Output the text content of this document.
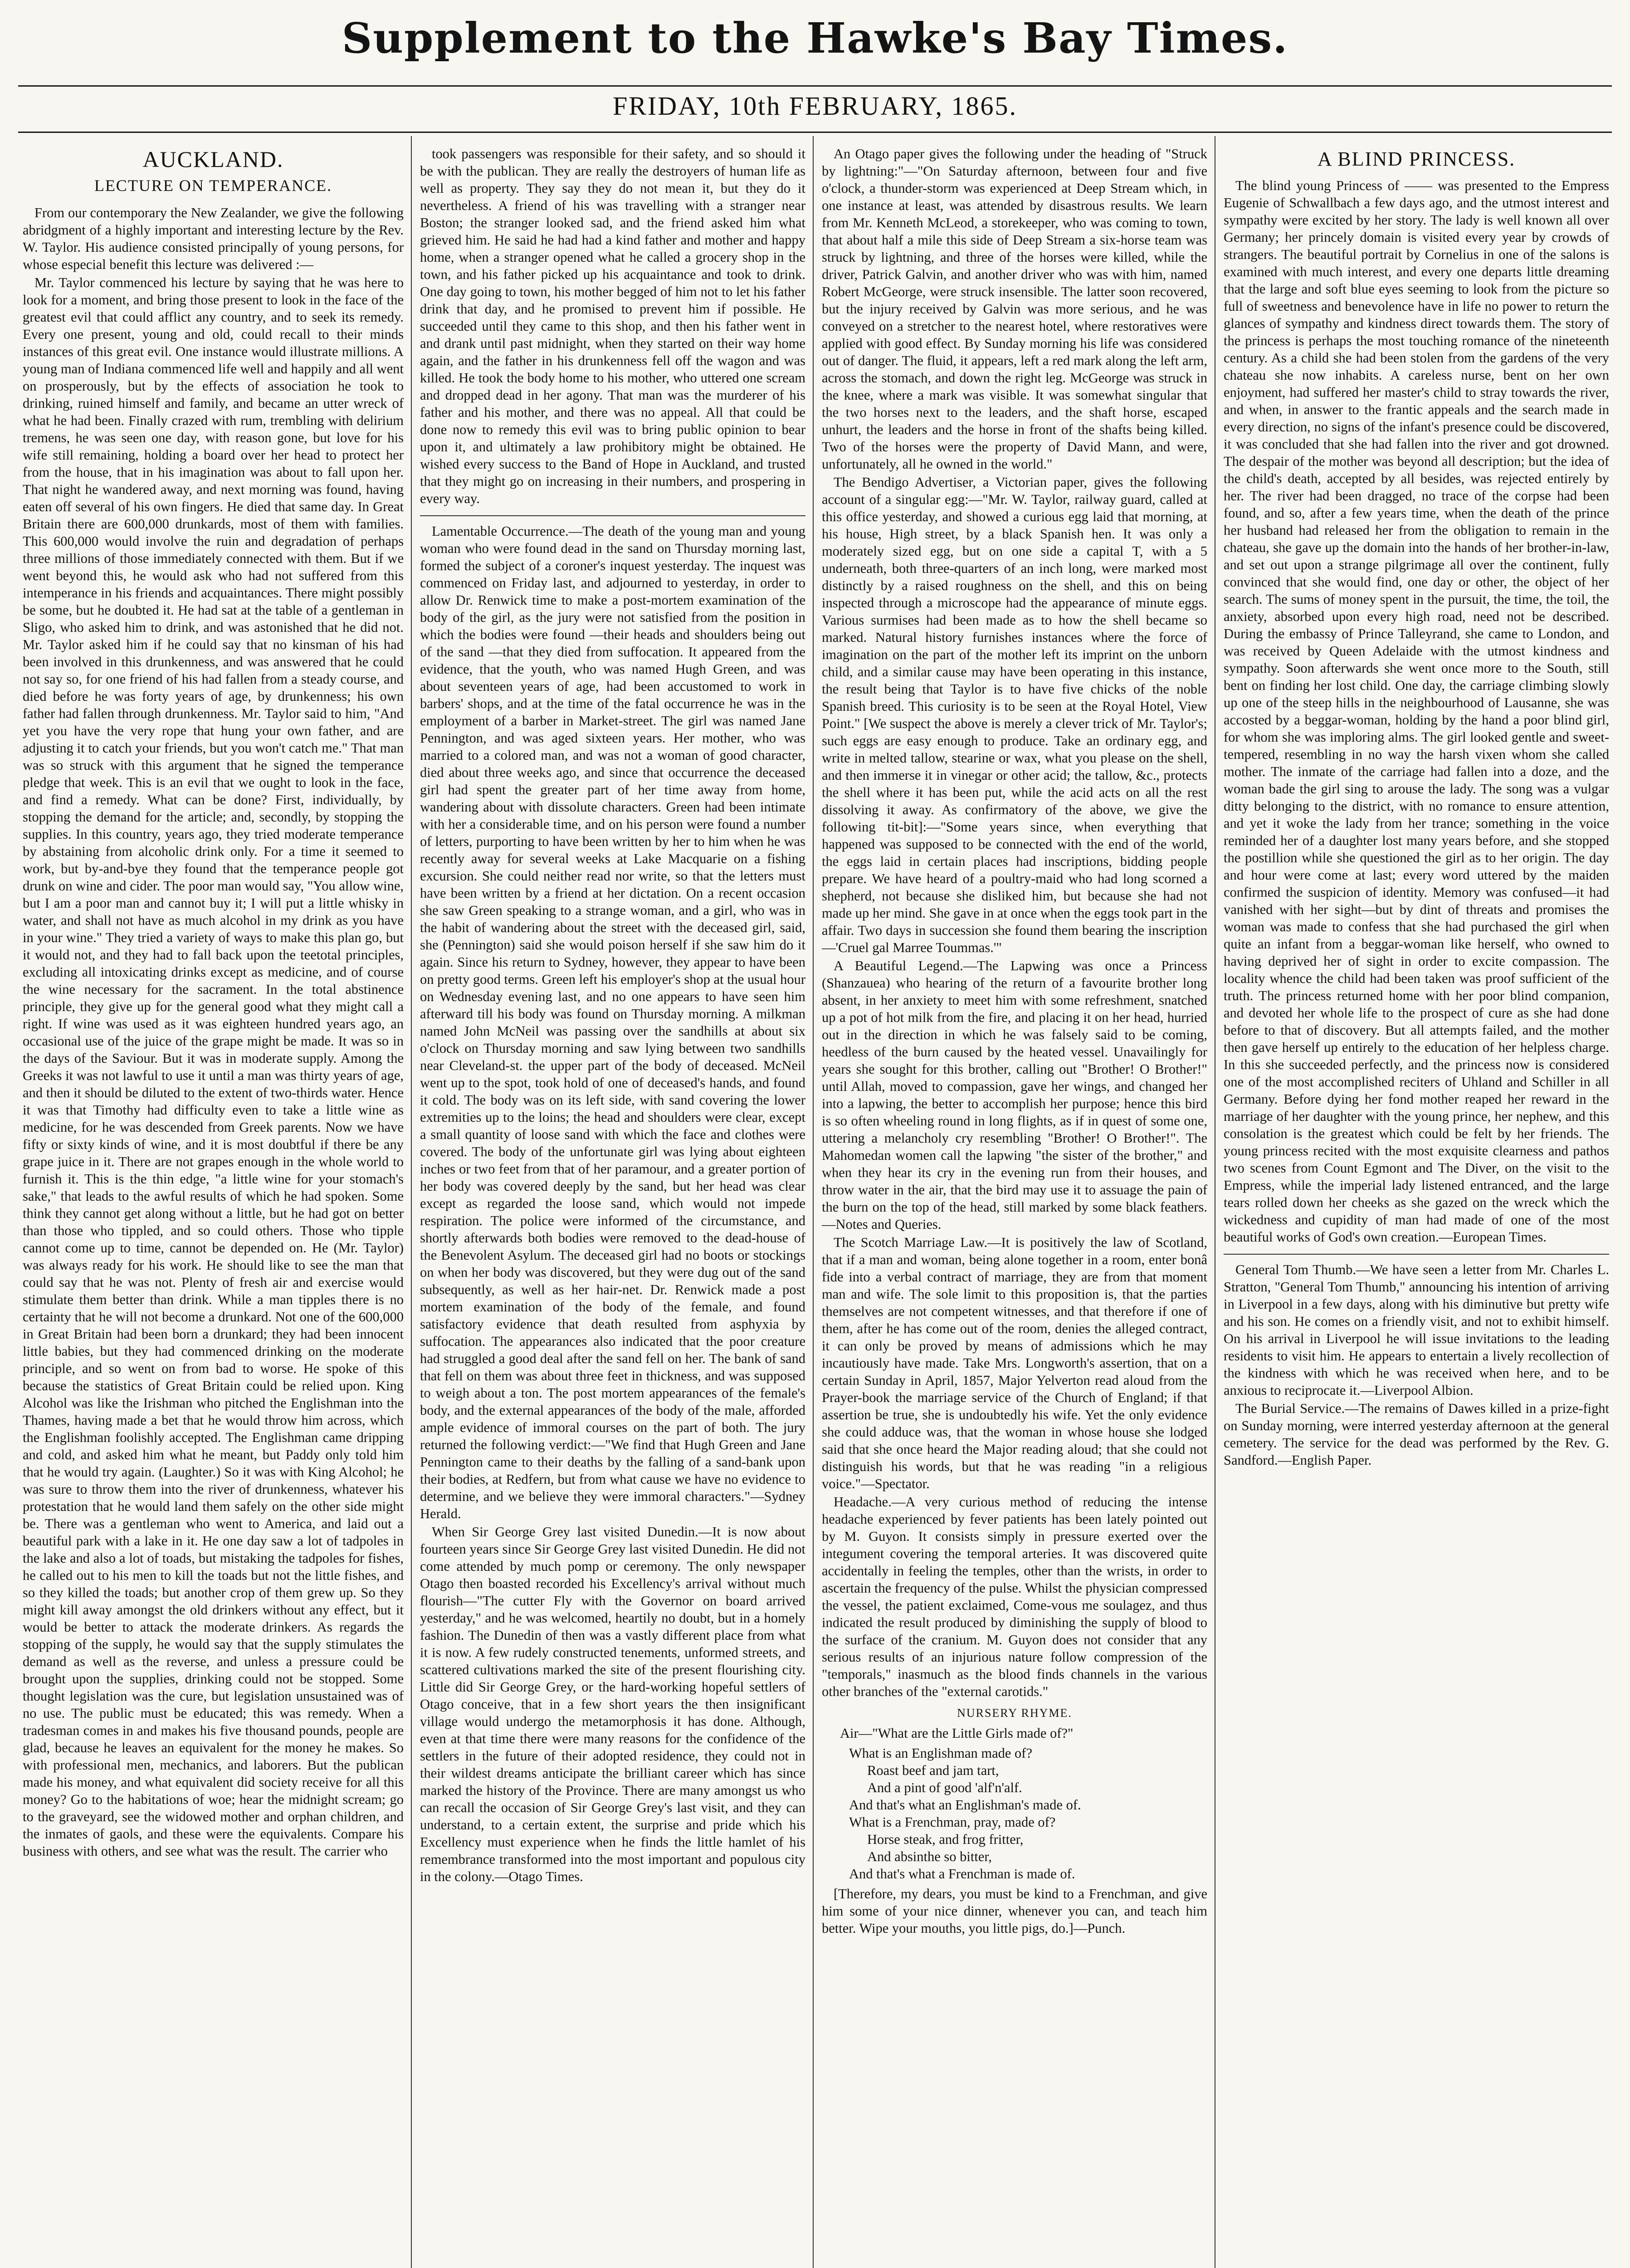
Supplement to the Hawke's Bay Times.
FRIDAY, 10th FEBRUARY, 1865.
AUCKLAND.
LECTURE ON TEMPERANCE.

From our contemporary the New Zealander, we give the following abridgment of a highly important and interesting lecture by the Rev. W. Taylor. His audience consisted principally of young persons, for whose especial benefit this lecture was delivered :—

Mr. Taylor commenced his lecture by saying that he was here to look for a moment, and bring those present to look in the face of the greatest evil that could afflict any country, and to seek its remedy. Every one present, young and old, could recall to their minds instances of this great evil. One instance would illustrate millions. A young man of Indiana commenced life well and happily and all went on prosperously, but by the effects of association he took to drinking, ruined himself and family, and became an utter wreck of what he had been. Finally crazed with rum, trembling with delirium tremens, he was seen one day, with reason gone, but love for his wife still remaining, holding a board over her head to protect her from the house, that in his imagination was about to fall upon her. That night he wandered away, and next morning was found, having eaten off several of his own fingers. He died that same day. In Great Britain there are 600,000 drunkards, most of them with families. This 600,000 would involve the ruin and degradation of perhaps three millions of those immediately connected with them. But if we went beyond this, he would ask who had not suffered from this intemperance in his friends and acquaintances. There might possibly be some, but he doubted it. He had sat at the table of a gentleman in Sligo, who asked him to drink, and was astonished that he did not. Mr. Taylor asked him if he could say that no kinsman of his had been involved in this drunkenness, and was answered that he could not say so, for one friend of his had fallen from a steady course, and died before he was forty years of age, by drunkenness; his own father had fallen through drunkenness. Mr. Taylor said to him, "And yet you have the very rope that hung your own father, and are adjusting it to catch your friends, but you won't catch me." That man was so struck with this argument that he signed the temperance pledge that week. This is an evil that we ought to look in the face, and find a remedy. What can be done? First, individually, by stopping the demand for the article; and, secondly, by stopping the supplies. In this country, years ago, they tried moderate temperance by abstaining from alcoholic drink only. For a time it seemed to work, but by-and-bye they found that the temperance people got drunk on wine and cider. The poor man would say, "You allow wine, but I am a poor man and cannot buy it; I will put a little whisky in water, and shall not have as much alcohol in my drink as you have in your wine." They tried a variety of ways to make this plan go, but it would not, and they had to fall back upon the teetotal principles, excluding all intoxicating drinks except as medicine, and of course the wine necessary for the sacrament. In the total abstinence principle, they give up for the general good what they might call a right. If wine was used as it was eighteen hundred years ago, an occasional use of the juice of the grape might be made. It was so in the days of the Saviour. But it was in moderate supply. Among the Greeks it was not lawful to use it until a man was thirty years of age, and then it should be diluted to the extent of two-thirds water. Hence it was that Timothy had difficulty even to take a little wine as medicine, for he was descended from Greek parents. Now we have fifty or sixty kinds of wine, and it is most doubtful if there be any grape juice in it. There are not grapes enough in the whole world to furnish it. This is the thin edge, "a little wine for your stomach's sake," that leads to the awful results of which he had spoken. Some think they cannot get along without a little, but he had got on better than those who tippled, and so could others. Those who tipple cannot come up to time, cannot be depended on. He (Mr. Taylor) was always ready for his work. He should like to see the man that could say that he was not. Plenty of fresh air and exercise would stimulate them better than drink. While a man tipples there is no certainty that he will not become a drunkard. Not one of the 600,000 in Great Britain had been born a drunkard; they had been innocent little babies, but they had commenced drinking on the moderate principle, and so went on from bad to worse. He spoke of this because the statistics of Great Britain could be relied upon. King Alcohol was like the Irishman who pitched the Englishman into the Thames, having made a bet that he would throw him across, which the Englishman foolishly accepted. The Englishman came dripping and cold, and asked him what he meant, but Paddy only told him that he would try again. (Laughter.) So it was with King Alcohol; he was sure to throw them into the river of drunkenness, whatever his protestation that he would land them safely on the other side might be. There was a gentleman who went to America, and laid out a beautiful park with a lake in it. He one day saw a lot of tadpoles in the lake and also a lot of toads, but mistaking the tadpoles for fishes, he called out to his men to kill the toads but not the little fishes, and so they killed the toads; but another crop of them grew up. So they might kill away amongst the old drinkers without any effect, but it would be better to attack the moderate drinkers. As regards the stopping of the supply, he would say that the supply stimulates the demand as well as the reverse, and unless a pressure could be brought upon the supplies, drinking could not be stopped. Some thought legislation was the cure, but legislation unsustained was of no use. The public must be educated; this was remedy. When a tradesman comes in and makes his five thousand pounds, people are glad, because he leaves an equivalent for the money he makes. So with professional men, mechanics, and laborers. But the publican made his money, and what equivalent did society receive for all this money? Go to the habitations of woe; hear the midnight scream; go to the graveyard, see the widowed mother and orphan children, and the inmates of gaols, and these were the equivalents. Compare his business with others, and see what was the result. The carrier who

took passengers was responsible for their safety, and so should it be with the publican. They are really the destroyers of human life as well as property. They say they do not mean it, but they do it nevertheless. A friend of his was travelling with a stranger near Boston; the stranger looked sad, and the friend asked him what grieved him. He said he had had a kind father and mother and happy home, when a stranger opened what he called a grocery shop in the town, and his father picked up his acquaintance and took to drink. One day going to town, his mother begged of him not to let his father drink that day, and he promised to prevent him if possible. He succeeded until they came to this shop, and then his father went in and drank until past midnight, when they started on their way home again, and the father in his drunkenness fell off the wagon and was killed. He took the body home to his mother, who uttered one scream and dropped dead in her agony. That man was the murderer of his father and his mother, and there was no appeal. All that could be done now to remedy this evil was to bring public opinion to bear upon it, and ultimately a law prohibitory might be obtained. He wished every success to the Band of Hope in Auckland, and trusted that they might go on increasing in their numbers, and prospering in every way.

Lamentable Occurrence.—The death of the young man and young woman who were found dead in the sand on Thursday morning last, formed the subject of a coroner's inquest yesterday. The inquest was commenced on Friday last, and adjourned to yesterday, in order to allow Dr. Renwick time to make a post-mortem examination of the body of the girl, as the jury were not satisfied from the position in which the bodies were found —their heads and shoulders being out of the sand —that they died from suffocation. It appeared from the evidence, that the youth, who was named Hugh Green, and was about seventeen years of age, had been accustomed to work in barbers' shops, and at the time of the fatal occurrence he was in the employment of a barber in Market-street. The girl was named Jane Pennington, and was aged sixteen years. Her mother, who was married to a colored man, and was not a woman of good character, died about three weeks ago, and since that occurrence the deceased girl had spent the greater part of her time away from home, wandering about with dissolute characters. Green had been intimate with her a considerable time, and on his person were found a number of letters, purporting to have been written by her to him when he was recently away for several weeks at Lake Macquarie on a fishing excursion. She could neither read nor write, so that the letters must have been written by a friend at her dictation. On a recent occasion she saw Green speaking to a strange woman, and a girl, who was in the habit of wandering about the street with the deceased girl, said, she (Pennington) said she would poison herself if she saw him do it again. Since his return to Sydney, however, they appear to have been on pretty good terms. Green left his employer's shop at the usual hour on Wednesday evening last, and no one appears to have seen him afterward till his body was found on Thursday morning. A milkman named John McNeil was passing over the sandhills at about six o'clock on Thursday morning and saw lying between two sandhills near Cleveland-st. the upper part of the body of deceased. McNeil went up to the spot, took hold of one of deceased's hands, and found it cold. The body was on its left side, with sand covering the lower extremities up to the loins; the head and shoulders were clear, except a small quantity of loose sand with which the face and clothes were covered. The body of the unfortunate girl was lying about eighteen inches or two feet from that of her paramour, and a greater portion of her body was covered deeply by the sand, but her head was clear except as regarded the loose sand, which would not impede respiration. The police were informed of the circumstance, and shortly afterwards both bodies were removed to the dead-house of the Benevolent Asylum. The deceased girl had no boots or stockings on when her body was discovered, but they were dug out of the sand subsequently, as well as her hair-net. Dr. Renwick made a post mortem examination of the body of the female, and found satisfactory evidence that death resulted from asphyxia by suffocation. The appearances also indicated that the poor creature had struggled a good deal after the sand fell on her. The bank of sand that fell on them was about three feet in thickness, and was supposed to weigh about a ton. The post mortem appearances of the female's body, and the external appearances of the body of the male, afforded ample evidence of immoral courses on the part of both. The jury returned the following verdict:—"We find that Hugh Green and Jane Pennington came to their deaths by the falling of a sand-bank upon their bodies, at Redfern, but from what cause we have no evidence to determine, and we believe they were immoral characters."—Sydney Herald.

When Sir George Grey last visited Dunedin.—It is now about fourteen years since Sir George Grey last visited Dunedin. He did not come attended by much pomp or ceremony. The only newspaper Otago then boasted recorded his Excellency's arrival without much flourish—"The cutter Fly with the Governor on board arrived yesterday," and he was welcomed, heartily no doubt, but in a homely fashion. The Dunedin of then was a vastly different place from what it is now. A few rudely constructed tenements, unformed streets, and scattered cultivations marked the site of the present flourishing city. Little did Sir George Grey, or the hard-working hopeful settlers of Otago conceive, that in a few short years the then insignificant village would undergo the metamorphosis it has done. Although, even at that time there were many reasons for the confidence of the settlers in the future of their adopted residence, they could not in their wildest dreams anticipate the brilliant career which has since marked the history of the Province. There are many amongst us who can recall the occasion of Sir George Grey's last visit, and they can understand, to a certain extent, the surprise and pride which his Excellency must experience when he finds the little hamlet of his remembrance transformed into the most important and populous city in the colony.—Otago Times.

An Otago paper gives the following under the heading of "Struck by lightning:"—"On Saturday afternoon, between four and five o'clock, a thunder-storm was experienced at Deep Stream which, in one instance at least, was attended by disastrous results. We learn from Mr. Kenneth McLeod, a storekeeper, who was coming to town, that about half a mile this side of Deep Stream a six-horse team was struck by lightning, and three of the horses were killed, while the driver, Patrick Galvin, and another driver who was with him, named Robert McGeorge, were struck insensible. The latter soon recovered, but the injury received by Galvin was more serious, and he was conveyed on a stretcher to the nearest hotel, where restoratives were applied with good effect. By Sunday morning his life was considered out of danger. The fluid, it appears, left a red mark along the left arm, across the stomach, and down the right leg. McGeorge was struck in the knee, where a mark was visible. It was somewhat singular that the two horses next to the leaders, and the shaft horse, escaped unhurt, the leaders and the horse in front of the shafts being killed. Two of the horses were the property of David Mann, and were, unfortunately, all he owned in the world."

The Bendigo Advertiser, a Victorian paper, gives the following account of a singular egg:—"Mr. W. Taylor, railway guard, called at this office yesterday, and showed a curious egg laid that morning, at his house, High street, by a black Spanish hen. It was only a moderately sized egg, but on one side a capital T, with a 5 underneath, both three-quarters of an inch long, were marked most distinctly by a raised roughness on the shell, and this on being inspected through a microscope had the appearance of minute eggs. Various surmises had been made as to how the shell became so marked. Natural history furnishes instances where the force of imagination on the part of the mother left its imprint on the unborn child, and a similar cause may have been operating in this instance, the result being that Taylor is to have five chicks of the noble Spanish breed. This curiosity is to be seen at the Royal Hotel, View Point." [We suspect the above is merely a clever trick of Mr. Taylor's; such eggs are easy enough to produce. Take an ordinary egg, and write in melted tallow, stearine or wax, what you please on the shell, and then immerse it in vinegar or other acid; the tallow, &c., protects the shell where it has been put, while the acid acts on all the rest dissolving it away. As confirmatory of the above, we give the following tit-bit]:—"Some years since, when everything that happened was supposed to be connected with the end of the world, the eggs laid in certain places had inscriptions, bidding people prepare. We have heard of a poultry-maid who had long scorned a shepherd, not because she disliked him, but because she had not made up her mind. She gave in at once when the eggs took part in the affair. Two days in succession she found them bearing the inscription—'Cruel gal Marree Toummas.'"

A Beautiful Legend.—The Lapwing was once a Princess (Shanzauea) who hearing of the return of a favourite brother long absent, in her anxiety to meet him with some refreshment, snatched up a pot of hot milk from the fire, and placing it on her head, hurried out in the direction in which he was falsely said to be coming, heedless of the burn caused by the heated vessel. Unavailingly for years she sought for this brother, calling out "Brother! O Brother!" until Allah, moved to compassion, gave her wings, and changed her into a lapwing, the better to accomplish her purpose; hence this bird is so often wheeling round in long flights, as if in quest of some one, uttering a melancholy cry resembling "Brother! O Brother!". The Mahomedan women call the lapwing "the sister of the brother," and when they hear its cry in the evening run from their houses, and throw water in the air, that the bird may use it to assuage the pain of the burn on the top of the head, still marked by some black feathers.—Notes and Queries.

The Scotch Marriage Law.—It is positively the law of Scotland, that if a man and woman, being alone together in a room, enter bonâ fide into a verbal contract of marriage, they are from that moment man and wife. The sole limit to this proposition is, that the parties themselves are not competent witnesses, and that therefore if one of them, after he has come out of the room, denies the alleged contract, it can only be proved by means of admissions which he may incautiously have made. Take Mrs. Longworth's assertion, that on a certain Sunday in April, 1857, Major Yelverton read aloud from the Prayer-book the marriage service of the Church of England; if that assertion be true, she is undoubtedly his wife. Yet the only evidence she could adduce was, that the woman in whose house she lodged said that she once heard the Major reading aloud; that she could not distinguish his words, but that he was reading "in a religious voice."—Spectator.

Headache.—A very curious method of reducing the intense headache experienced by fever patients has been lately pointed out by M. Guyon. It consists simply in pressure exerted over the integument covering the temporal arteries. It was discovered quite accidentally in feeling the temples, other than the wrists, in order to ascertain the frequency of the pulse. Whilst the physician compressed the vessel, the patient exclaimed, Come-vous me soulagez, and thus indicated the result produced by diminishing the supply of blood to the surface of the cranium. M. Guyon does not consider that any serious results of an injurious nature follow compression of the "temporals," inasmuch as the blood finds channels in the various other branches of the "external carotids."

NURSERY RHYME.
Air—"What are the Little Girls made of?"
What is an Englishman made of?
Roast beef and jam tart,
And a pint of good 'alf'n'alf.
And that's what an Englishman's made of.
What is a Frenchman, pray, made of?
Horse steak, and frog fritter,
And absinthe so bitter,
And that's what a Frenchman is made of.

[Therefore, my dears, you must be kind to a Frenchman, and give him some of your nice dinner, whenever you can, and teach him better. Wipe your mouths, you little pigs, do.]—Punch.

A BLIND PRINCESS.

The blind young Princess of —— was presented to the Empress Eugenie of Schwallbach a few days ago, and the utmost interest and sympathy were excited by her story. The lady is well known all over Germany; her princely domain is visited every year by crowds of strangers. The beautiful portrait by Cornelius in one of the salons is examined with much interest, and every one departs little dreaming that the large and soft blue eyes seeming to look from the picture so full of sweetness and benevolence have in life no power to return the glances of sympathy and kindness direct towards them. The story of the princess is perhaps the most touching romance of the nineteenth century. As a child she had been stolen from the gardens of the very chateau she now inhabits. A careless nurse, bent on her own enjoyment, had suffered her master's child to stray towards the river, and when, in answer to the frantic appeals and the search made in every direction, no signs of the infant's presence could be discovered, it was concluded that she had fallen into the river and got drowned. The despair of the mother was beyond all description; but the idea of the child's death, accepted by all besides, was rejected entirely by her. The river had been dragged, no trace of the corpse had been found, and so, after a few years time, when the death of the prince her husband had released her from the obligation to remain in the chateau, she gave up the domain into the hands of her brother-in-law, and set out upon a strange pilgrimage all over the continent, fully convinced that she would find, one day or other, the object of her search. The sums of money spent in the pursuit, the time, the toil, the anxiety, absorbed upon every high road, need not be described. During the embassy of Prince Talleyrand, she came to London, and was received by Queen Adelaide with the utmost kindness and sympathy. Soon afterwards she went once more to the South, still bent on finding her lost child. One day, the carriage climbing slowly up one of the steep hills in the neighbourhood of Lausanne, she was accosted by a beggar-woman, holding by the hand a poor blind girl, for whom she was imploring alms. The girl looked gentle and sweet-tempered, resembling in no way the harsh vixen whom she called mother. The inmate of the carriage had fallen into a doze, and the woman bade the girl sing to arouse the lady. The song was a vulgar ditty belonging to the district, with no romance to ensure attention, and yet it woke the lady from her trance; something in the voice reminded her of a daughter lost many years before, and she stopped the postillion while she questioned the girl as to her origin. The day and hour were come at last; every word uttered by the maiden confirmed the suspicion of identity. Memory was confused—it had vanished with her sight—but by dint of threats and promises the woman was made to confess that she had purchased the girl when quite an infant from a beggar-woman like herself, who owned to having deprived her of sight in order to excite compassion. The locality whence the child had been taken was proof sufficient of the truth. The princess returned home with her poor blind companion, and devoted her whole life to the prospect of cure as she had done before to that of discovery. But all attempts failed, and the mother then gave herself up entirely to the education of her helpless charge. In this she succeeded perfectly, and the princess now is considered one of the most accomplished reciters of Uhland and Schiller in all Germany. Before dying her fond mother reaped her reward in the marriage of her daughter with the young prince, her nephew, and this consolation is the greatest which could be felt by her friends. The young princess recited with the most exquisite clearness and pathos two scenes from Count Egmont and The Diver, on the visit to the Empress, while the imperial lady listened entranced, and the large tears rolled down her cheeks as she gazed on the wreck which the wickedness and cupidity of man had made of one of the most beautiful works of God's own creation.—European Times.

General Tom Thumb.—We have seen a letter from Mr. Charles L. Stratton, "General Tom Thumb," announcing his intention of arriving in Liverpool in a few days, along with his diminutive but pretty wife and his son. He comes on a friendly visit, and not to exhibit himself. On his arrival in Liverpool he will issue invitations to the leading residents to visit him. He appears to entertain a lively recollection of the kindness with which he was received when here, and to be anxious to reciprocate it.—Liverpool Albion.

The Burial Service.—The remains of Dawes killed in a prize-fight on Sunday morning, were interred yesterday afternoon at the general cemetery. The service for the dead was performed by the Rev. G. Sandford.—English Paper.
